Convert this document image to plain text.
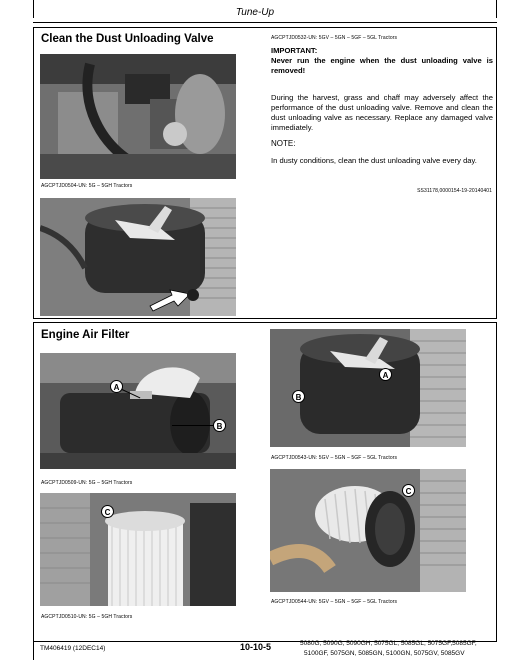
Tune-Up
Clean the Dust Unloading Valve
AGCPTJD0504-UN: 5G – 5GH Tractors
AGCPTJD0532-UN: 5GV – 5GN – 5GF – 5GL Tractors
IMPORTANT:
Never run the engine when the dust unloading valve is removed!
During the harvest, grass and chaff may adversely affect the performance of the dust unloading valve. Remove and clean the dust unloading valve as necessary. Replace any damaged valve immediately.
NOTE:
In dusty conditions, clean the dust unloading valve every day.
SS31178,0000154-19-20140401
Engine Air Filter
A
B
AGCPTJD0509-UN: 5G – 5GH Tractors
C
AGCPTJD0510-UN: 5G – 5GH Tractors
B
A
AGCPTJD0543-UN: 5GV – 5GN – 5GF – 5GL Tractors
C
AGCPTJD0544-UN: 5GV – 5GN – 5GF – 5GL Tractors
TM406419 (12DEC14)	10-10-5	5080G, 5090G, 5090GH, 5075GL, 5085GL, 5075GF,5085GF,
5100GF, 5075GN, 5085GN, 5100GN, 5075GV, 5085GV
